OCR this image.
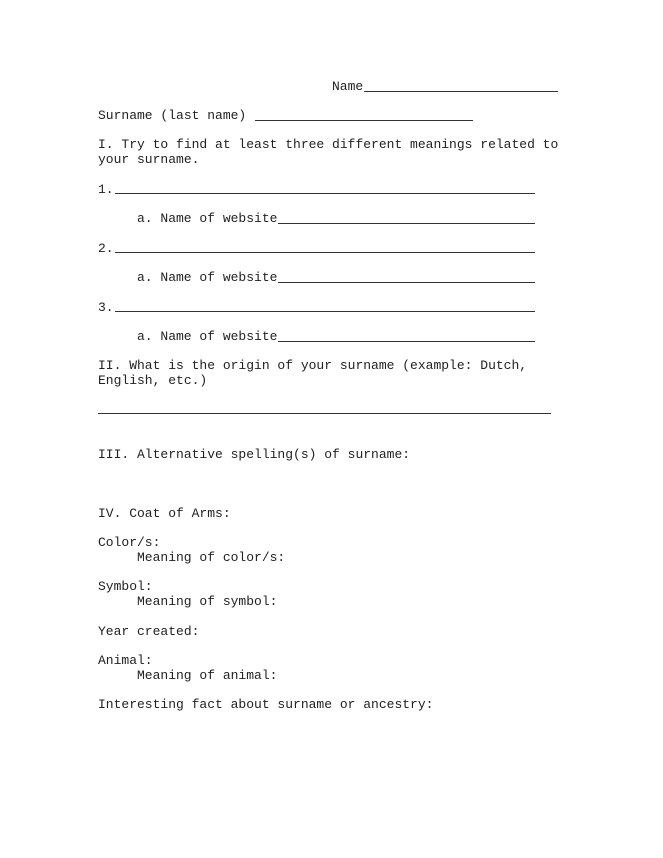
Name
Surname (last name)
I. Try to find at least three different meanings related to
your surname.
1.
a. Name of website
2.
a. Name of website
3.
a. Name of website
II. What is the origin of your surname (example: Dutch,
English, etc.)
III. Alternative spelling(s) of surname:
IV. Coat of Arms:
Color/s:
Meaning of color/s:
Symbol:
Meaning of symbol:
Year created:
Animal:
Meaning of animal:
Interesting fact about surname or ancestry:
